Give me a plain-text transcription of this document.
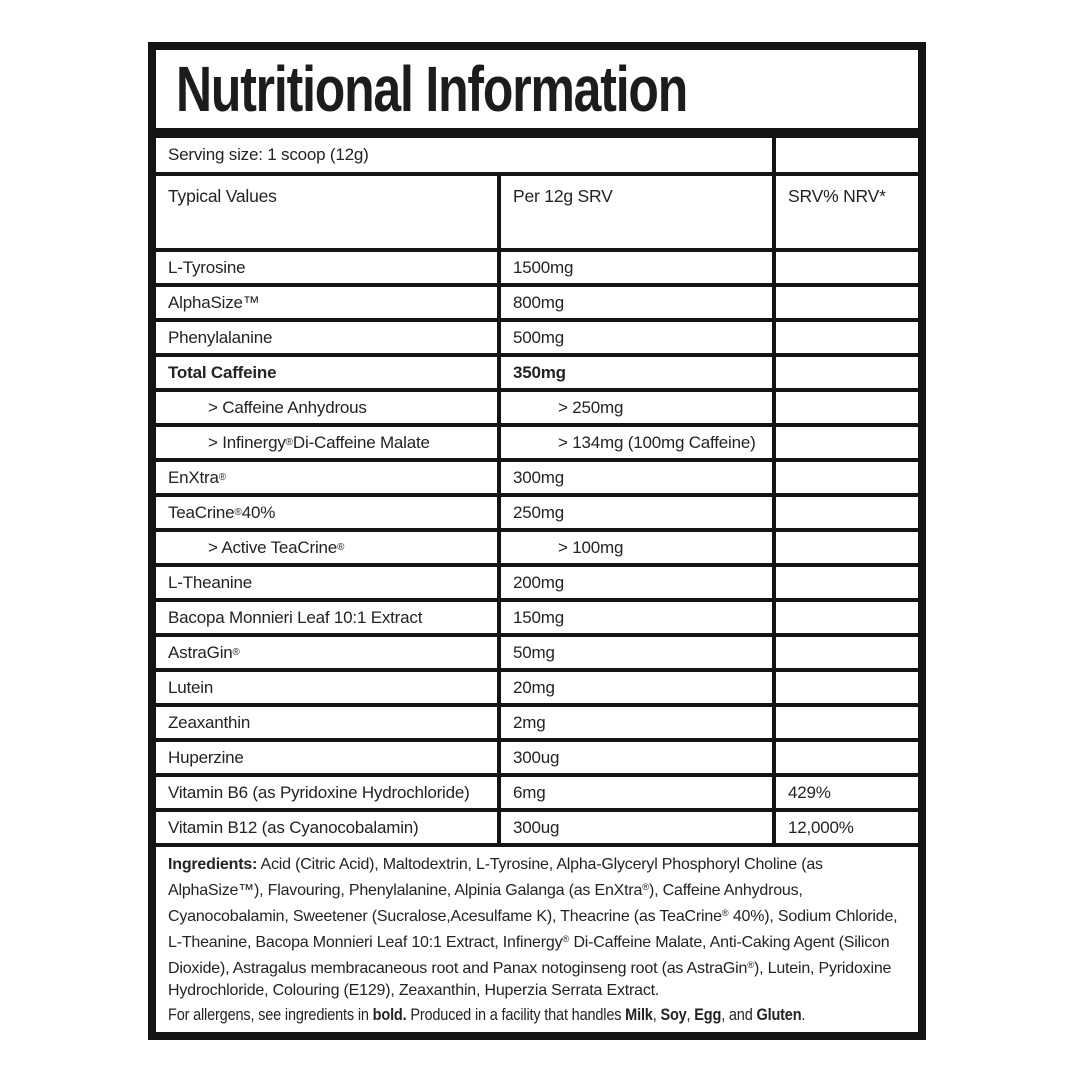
Nutritional Information
Serving size: 1 scoop (12g)
Typical Values	Per 12g SRV	SRV% NRV*
L-Tyrosine	1500mg
AlphaSize™	800mg
Phenylalanine	500mg
Total Caffeine	350mg
> Caffeine Anhydrous	> 250mg
> Infinergy ® Di-Caffeine Malate	> 134mg (100mg Caffeine)
EnXtra ®	300mg
TeaCrine ® 40%	250mg
> Active TeaCrine ®	> 100mg
L-Theanine	200mg
Bacopa Monnieri Leaf 10:1 Extract	150mg
AstraGin ®	50mg
Lutein	20mg
Zeaxanthin	2mg
Huperzine	300ug
Vitamin B6 (as Pyridoxine Hydrochloride)	6mg	429%
Vitamin B12 (as Cyanocobalamin)	300ug	12,000%

Ingredients: Acid (Citric Acid), Maltodextrin, L-Tyrosine, Alpha-Glyceryl Phosphoryl Choline (as AlphaSize™), Flavouring, Phenylalanine, Alpinia Galanga (as EnXtra®), Caffeine Anhydrous, Cyanocobalamin, Sweetener (Sucralose,Acesulfame K), Theacrine (as TeaCrine® 40%), Sodium Chloride, L-Theanine, Bacopa Monnieri Leaf 10:1 Extract, Infinergy® Di-Caffeine Malate, Anti-Caking Agent (Silicon Dioxide), Astragalus membracaneous root and Panax notoginseng root (as AstraGin®), Lutein, Pyridoxine Hydrochloride, Colouring (E129), Zeaxanthin, Huperzia Serrata Extract.

For allergens, see ingredients in bold. Produced in a facility that handles Milk, Soy, Egg, and Gluten.
